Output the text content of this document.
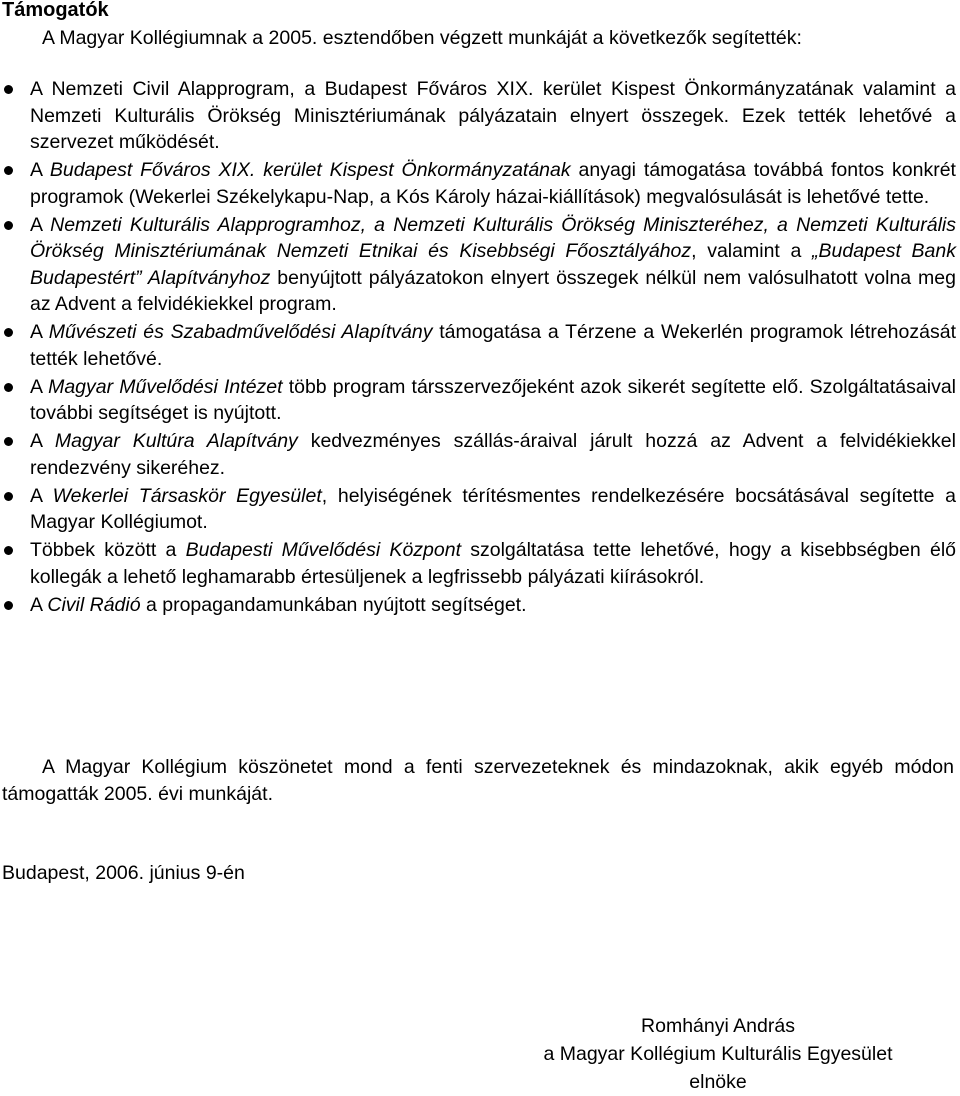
Támogatók

A Magyar Kollégiumnak a 2005. esztendőben végzett munkáját a következők segítették:

A Nemzeti Civil Alapprogram, a Budapest Főváros XIX. kerület Kispest Önkormányzatának valamint a Nemzeti Kulturális Örökség Minisztériumának pályázatain elnyert összegek. Ezek tették lehetővé a szervezet működését.
A Budapest Főváros XIX. kerület Kispest Önkormányzatának anyagi támogatása továbbá fontos konkrét programok (Wekerlei Székelykapu-Nap, a Kós Károly házai-kiállítások) megvalósulását is lehetővé tette.
A Nemzeti Kulturális Alapprogramhoz, a Nemzeti Kulturális Örökség Miniszteréhez, a Nemzeti Kulturális Örökség Minisztériumának Nemzeti Etnikai és Kisebbségi Főosztályához, valamint a „Budapest Bank Budapestért” Alapítványhoz benyújtott pályázatokon elnyert összegek nélkül nem valósulhatott volna meg az Advent a felvidékiekkel program.
A Művészeti és Szabadművelődési Alapítvány támogatása a Térzene a Wekerlén programok létrehozását tették lehetővé.
A Magyar Művelődési Intézet több program társszervezőjeként azok sikerét segítette elő. Szolgáltatásaival további segítséget is nyújtott.
A Magyar Kultúra Alapítvány kedvezményes szállás-áraival járult hozzá az Advent a felvidékiekkel rendezvény sikeréhez.
A Wekerlei Társaskör Egyesület, helyiségének térítésmentes rendelkezésére bocsátásával segítette a Magyar Kollégiumot.
Többek között a Budapesti Művelődési Központ szolgáltatása tette lehetővé, hogy a kisebbségben élő kollegák a lehető leghamarabb értesüljenek a legfrissebb pályázati kiírásokról.
A Civil Rádió a propagandamunkában nyújtott segítséget.

A Magyar Kollégium köszönetet mond a fenti szervezeteknek és mindazoknak, akik egyéb módon támogatták 2005. évi munkáját.

Budapest, 2006. június 9-én

Romhányi András
a Magyar Kollégium Kulturális Egyesület
elnöke
